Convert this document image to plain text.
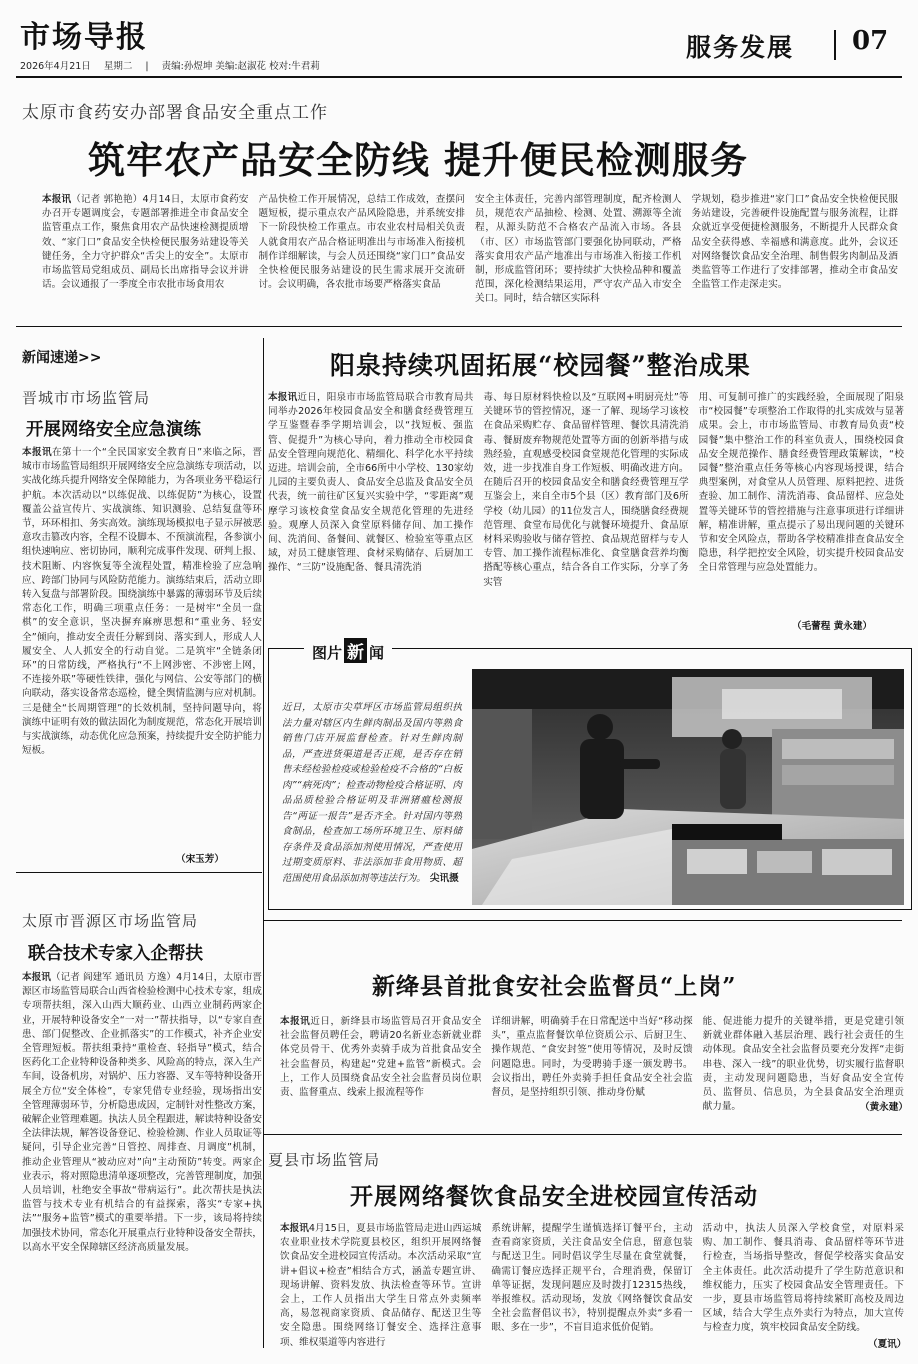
市场导报
2026年4月21日 星期二 | 责编:孙煜坤 美编:赵淑花 校对:牛君莉
服务发展 07
太原市食药安办部署食品安全重点工作
筑牢农产品安全防线 提升便民检测服务

本报讯（记者 郭艳艳）4月14日，太原市食药安办召开专题调度会，专题部署推进全市食品安全监管重点工作，聚焦食用农产品快速检测提质增效、“家门口”食品安全快检便民服务站建设等关键任务，全力守护群众“舌尖上的安全”。太原市市场监管局党组成员、副局长出席指导会议并讲话。会议通报了一季度全市农批市场食用农

产品快检工作开展情况，总结工作成效，查摆问题短板，提示重点农产品风险隐患，并系统安排下一阶段快检工作重点。市农业农村局相关负责人就食用农产品合格证明准出与市场准入衔接机制作详细解读，与会人员还围绕“家门口”食品安全快检便民服务站建设的民生需求展开交流研讨。会议明确，各农批市场要严格落实食品

安全主体责任，完善内部管理制度，配齐检测人员，规范农产品抽检、检测、处置、溯源等全流程，从源头防范不合格农产品流入市场。各县（市、区）市场监管部门要强化协同联动，严格落实食用农产品产地准出与市场准入衔接工作机制，形成监管闭环；要持续扩大快检品种和覆盖范围，深化检测结果运用，严守农产品入市安全关口。同时，结合辖区实际科

学规划，稳步推进“家门口”食品安全快检便民服务站建设，完善硬件设施配置与服务流程，让群众就近享受便捷检测服务，不断提升人民群众食品安全获得感、幸福感和满意度。此外，会议还对网络餐饮食品安全治理、制售假劣肉制品及酒类监管等工作进行了安排部署，推动全市食品安全监管工作走深走实。

新闻速递>>
晋城市市场监管局
开展网络安全应急演练
本报讯在第十一个“全民国家安全教育日”来临之际，晋城市市场监管局组织开展网络安全应急演练专项活动，以实战化练兵提升网络安全保障能力，为各项业务平稳运行护航。本次活动以“以练促战、以练促防”为核心，设置覆盖公益宣传片、实战演练、知识测验、总结复盘等环节，环环相扣、务实高效。演练现场模拟电子显示屏被恶意攻击篡改内容，全程不设脚本、不预演流程，各参演小组快速响应、密切协同，顺利完成事件发现、研判上报、技术阻断、内容恢复等全流程处置，精准检验了应急响应、跨部门协同与风险防范能力。演练结束后，活动立即转入复盘与部署阶段。围绕演练中暴露的薄弱环节及后续常态化工作，明确三项重点任务：一是树牢“全员一盘棋”的安全意识，坚决摒弃麻痹思想和“重业务、轻安全”倾向，推动安全责任分解到岗、落实到人，形成人人履安全、人人抓安全的行动自觉。二是筑牢“全链条闭环”的日常防线，严格执行“不上网涉密、不涉密上网，不连接外联”等硬性铁律，强化与网信、公安等部门的横向联动，落实设备常态巡检，健全舆情监测与应对机制。三是健全“长周期管理”的长效机制，坚持问题导向，将演练中证明有效的做法固化为制度规范，常态化开展培训与实战演练，动态优化应急预案，持续提升安全防护能力短板。
（宋玉芳）
阳泉持续巩固拓展“校园餐”整治成果

本报讯近日，阳泉市市场监管局联合市教育局共同举办2026年校园食品安全和膳食经费管理互学互鉴暨春季学期培训会，以“找短板、强监管、促提升”为核心导向，着力推动全市校园食品安全管理向规范化、精细化、科学化水平持续迈进。培训会前，全市66所中小学校、130家幼儿园的主要负责人、食品安全总监及食品安全员代表，统一前往矿区复兴实验中学，“零距离”观摩学习该校食堂食品安全规范化管理的先进经验。观摩人员深入食堂原料储存间、加工操作间、洗消间、备餐间、就餐区、检验室等重点区域，对员工健康管理、食材采购储存、后厨加工操作、“三防”设施配备、餐具清洗消

毒、每日原材料快检以及“互联网+明厨亮灶”等关键环节的管控情况，逐一了解、现场学习该校在食品采购贮存、食品留样管理、餐饮具清洗消毒、餐厨废弃物规范处置等方面的创新举措与成熟经验，直观感受校园食堂规范化管理的实际成效，进一步找准自身工作短板、明确改进方向。在随后召开的校园食品安全和膳食经费管理互学互鉴会上，来自全市5个县（区）教育部门及6所学校（幼儿园）的11位发言人，围绕膳食经费规范管理、食堂布局优化与就餐环境提升、食品原材料采购验收与储存管控、食品规范留样与专人专管、加工操作流程标准化、食堂膳食营养均衡搭配等核心重点，结合各自工作实际，分享了务实管

用、可复制可推广的实践经验，全面展现了阳泉市“校园餐”专项整治工作取得的扎实成效与显著成果。会上，市市场监管局、市教育局负责“校园餐”集中整治工作的科室负责人，围绕校园食品安全规范操作、膳食经费管理政策解读，“校园餐”整治重点任务等核心内容现场授课，结合典型案例，对食堂从人员管理、原料把控、进货查验、加工制作、清洗消毒、食品留样、应急处置等关键环节的管控措施与注意事项进行详细讲解，精准讲解，重点提示了易出现问题的关键环节和安全风险点，帮助各学校精准排查食品安全隐患，科学把控安全风险，切实提升校园食品安全日常管理与应急处置能力。

（毛蕾程 黄永建）
图片 新 闻
近日，太原市尖草坪区市场监管局组织执法力量对辖区内生鲜肉制品及国内等熟食销售门店开展监督检查。针对生鲜肉制品，严查进货渠道是否正规，是否存在销售未经检验检疫或检验检疫不合格的“白板肉”“病死肉”；检查动物检疫合格证明、肉品品质检验合格证明及非洲猪瘟检测报告“两证一报告”是否齐全。针对国内等熟食制品，检查加工场所环境卫生、原料储存条件及食品添加剂使用情况，严查使用过期变质原料、非法添加非食用物质、超范围使用食品添加剂等违法行为。 尖讯摄
新绛县首批食安社会监督员“上岗”

本报讯近日，新绛县市场监管局召开食品安全社会监督员聘任会，聘请20名新业态新就业群体党员骨干、优秀外卖骑手成为首批食品安全社会监督员，构建起“党建+监管”新模式。会上，工作人员围绕食品安全社会监督员岗位职责、监督重点、线索上报流程等作

详细讲解，明确骑手在日常配送中当好“移动探头”，重点监督餐饮单位资质公示、后厨卫生、操作规范、“食安封签”使用等情况，及时反馈问题隐患。同时，为受聘骑手逐一颁发聘书。会议指出，聘任外卖骑手担任食品安全社会监督员，是坚持组织引领、推动身份赋

能、促进能力提升的关键举措，更是党建引领新就业群体融入基层治理、践行社会责任的生动体现。食品安全社会监督员要充分发挥“走街串巷、深入一线”的职业优势，切实履行监督职责，主动发现问题隐患，当好食品安全宣传员、监督员、信息员，为全县食品安全治理贡献力量。	（黄永建）
太原市晋源区市场监管局
联合技术专家入企帮扶
本报讯（记者 阎建军 通讯员 方逸）4月14日，太原市晋源区市场监管局联合山西省检验检测中心技术专家，组成专项帮扶组，深入山西大顺药业、山西立业制药两家企业，开展特种设备安全“一对一”帮扶指导，以“专家自查患、部门促整改、企业抓落实”的工作模式，补齐企业安全管理短板。帮扶组秉持“重检查、轻指导”模式，结合医药化工企业特种设备种类多、风险高的特点，深入生产车间，设备机房，对锅炉、压力容器、叉车等特种设备开展全方位“安全体检”，专家凭借专业经验，现场指出安全管理薄弱环节，分析隐患成因，定制针对性整改方案，破解企业管理难题。执法人员全程跟进，解读特种设备安全法律法规，解答设备登记、检验检测、作业人员取证等疑问，引导企业完善“日管控、周排查、月调度”机制，推动企业管理从“被动应对”向“主动预防”转变。两家企业表示，将对照隐患清单逐项整改，完善管理制度，加强人员培训，杜绝安全事故“带病运行”。此次帮扶是执法监管与技术专业有机结合的有益探索，落实“专家+执法”“服务+监管”模式的重要举措。下一步，该局将持续加强技术协同，常态化开展重点行业特种设备安全帮扶，以高水平安全保障辖区经济高质量发展。
夏县市场监管局
开展网络餐饮食品安全进校园宣传活动

本报讯4月15日，夏县市场监管局走进山西运城农业职业技术学院夏县校区，组织开展网络餐饮食品安全进校园宣传活动。本次活动采取“宣讲+倡议+检查”相结合方式，涵盖专题宣讲、现场讲解、资料发放、执法检查等环节。宣讲会上，工作人员指出大学生日常点外卖频率高，易忽视商家资质、食品储存、配送卫生等安全隐患。围绕网络订餐安全、选择注意事项、维权渠道等内容进行

系统讲解，提醒学生谨慎选择订餐平台，主动查看商家资质，关注食品安全信息，留意包装与配送卫生。同时倡议学生尽量在食堂就餐，确需订餐应选择正规平台，合理消费，保留订单等证据，发现问题应及时拨打12315热线，举报维权。活动现场，发放《网络餐饮食品安全社会监督倡议书》，特别提醒点外卖“多看一眼、多在一步”，不盲目追求低价促销。

活动中，执法人员深入学校食堂，对原料采购、加工制作、餐具消毒、食品留样等环节进行检查，当场指导整改，督促学校落实食品安全主体责任。此次活动提升了学生防范意识和维权能力，压实了校园食品安全管理责任。下一步，夏县市场监管局将持续紧盯高校及周边区域，结合大学生点外卖行为特点，加大宣传与检查力度，筑牢校园食品安全防线。

（夏讯）
